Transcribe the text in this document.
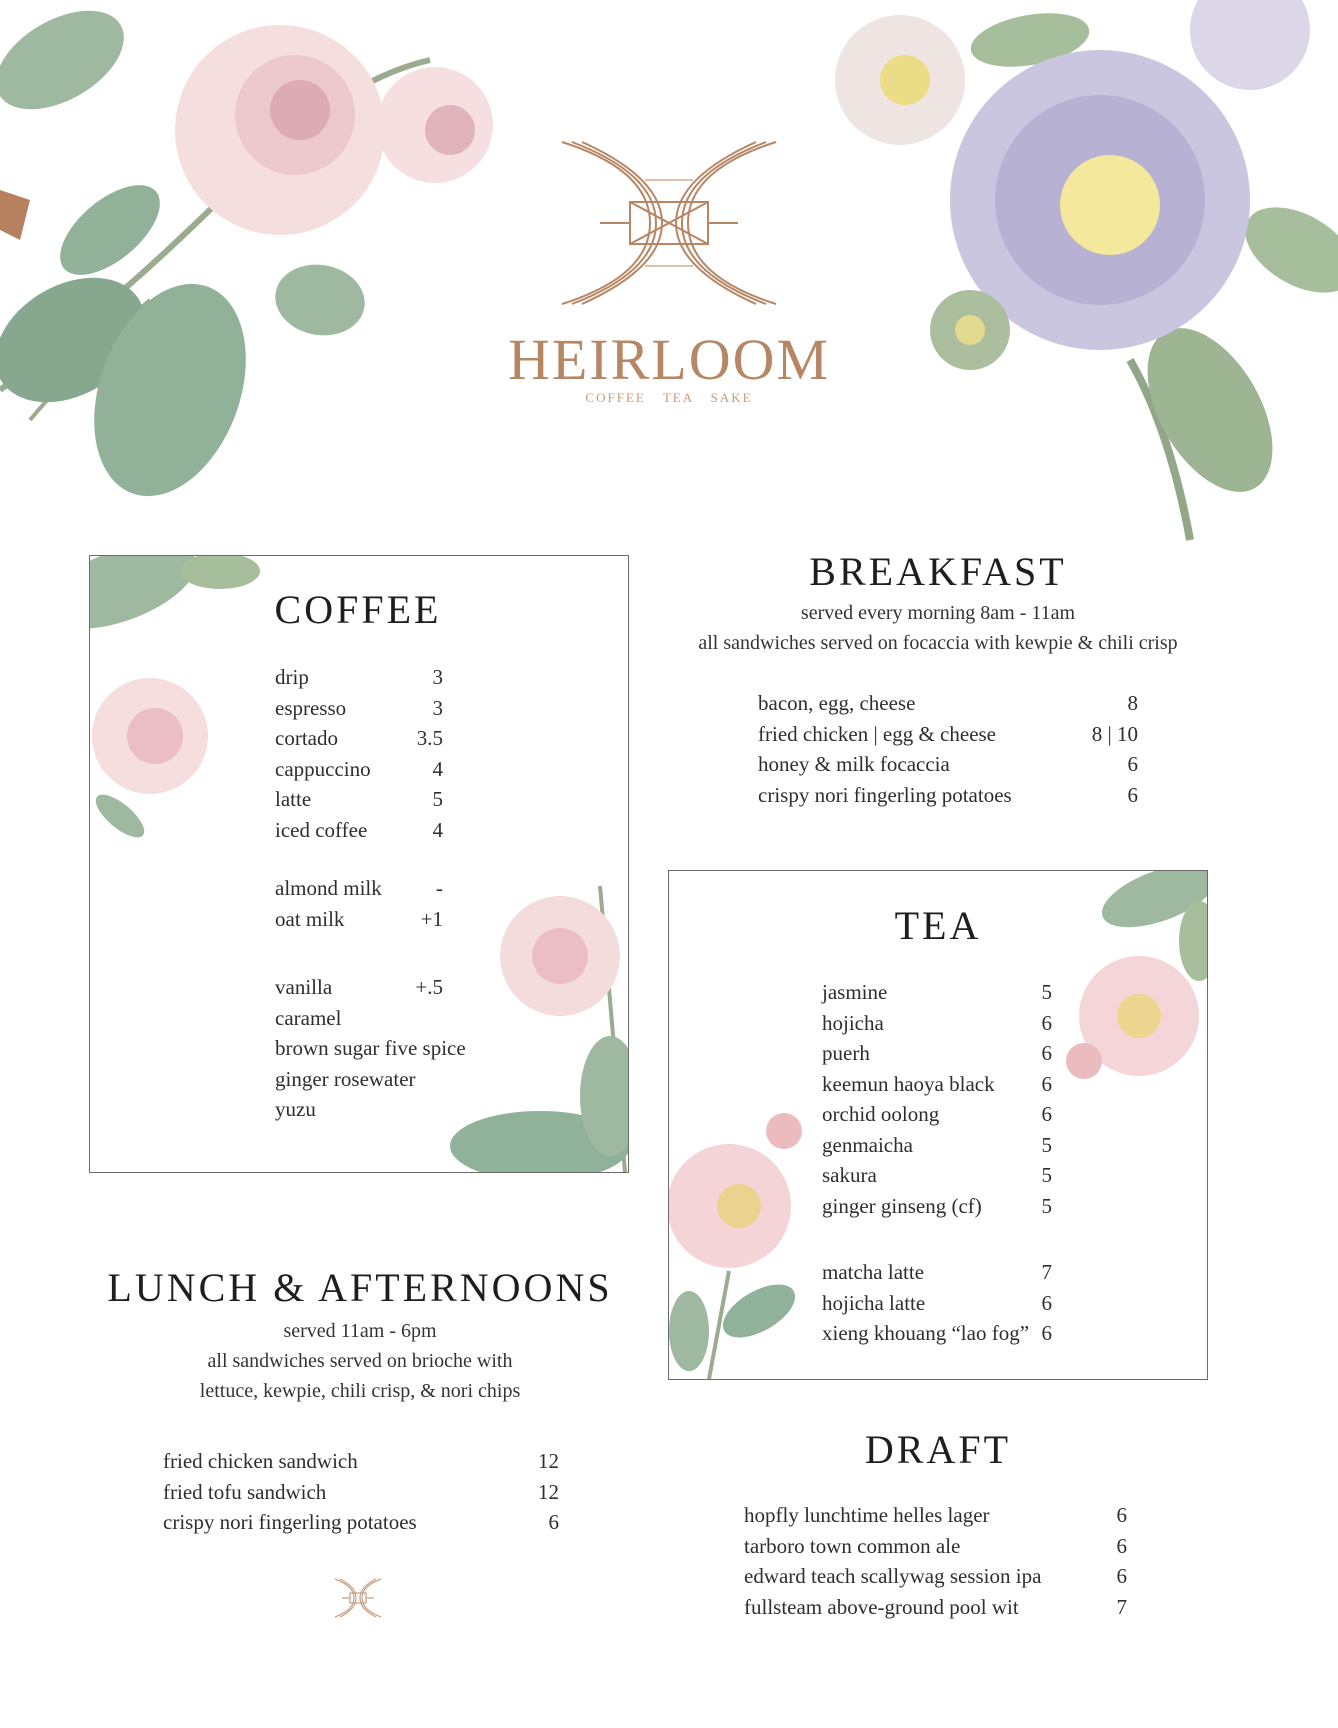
HEIRLOOM
COFFEE TEA SAKE
COFFEE
drip	3
espresso	3
cortado	3.5
cappuccino	4
latte	5
iced coffee	4
almond milk	-
oat milk	+1
vanilla	+.5
caramel
brown sugar five spice
ginger rosewater
yuzu
BREAKFAST
served every morning 8am - 11am
all sandwiches served on focaccia with kewpie & chili crisp
bacon, egg, cheese	8
fried chicken | egg & cheese	8 | 10
honey & milk focaccia	6
crispy nori fingerling potatoes	6
TEA
jasmine	5
hojicha	6
puerh	6
keemun haoya black 6
orchid oolong	6
genmaicha	5
sakura	5
ginger ginseng (cf)	5
matcha latte	7
hojicha latte	6
xieng khouang “lao fog” 6
LUNCH & AFTERNOONS
served 11am - 6pm
all sandwiches served on brioche with
lettuce, kewpie, chili crisp, & nori chips
fried chicken sandwich	12
fried tofu sandwich	12
crispy nori fingerling potatoes	6
DRAFT
hopfly lunchtime helles lager	6
tarboro town common ale	6
edward teach scallywag session ipa	6
fullsteam above-ground pool wit	7
